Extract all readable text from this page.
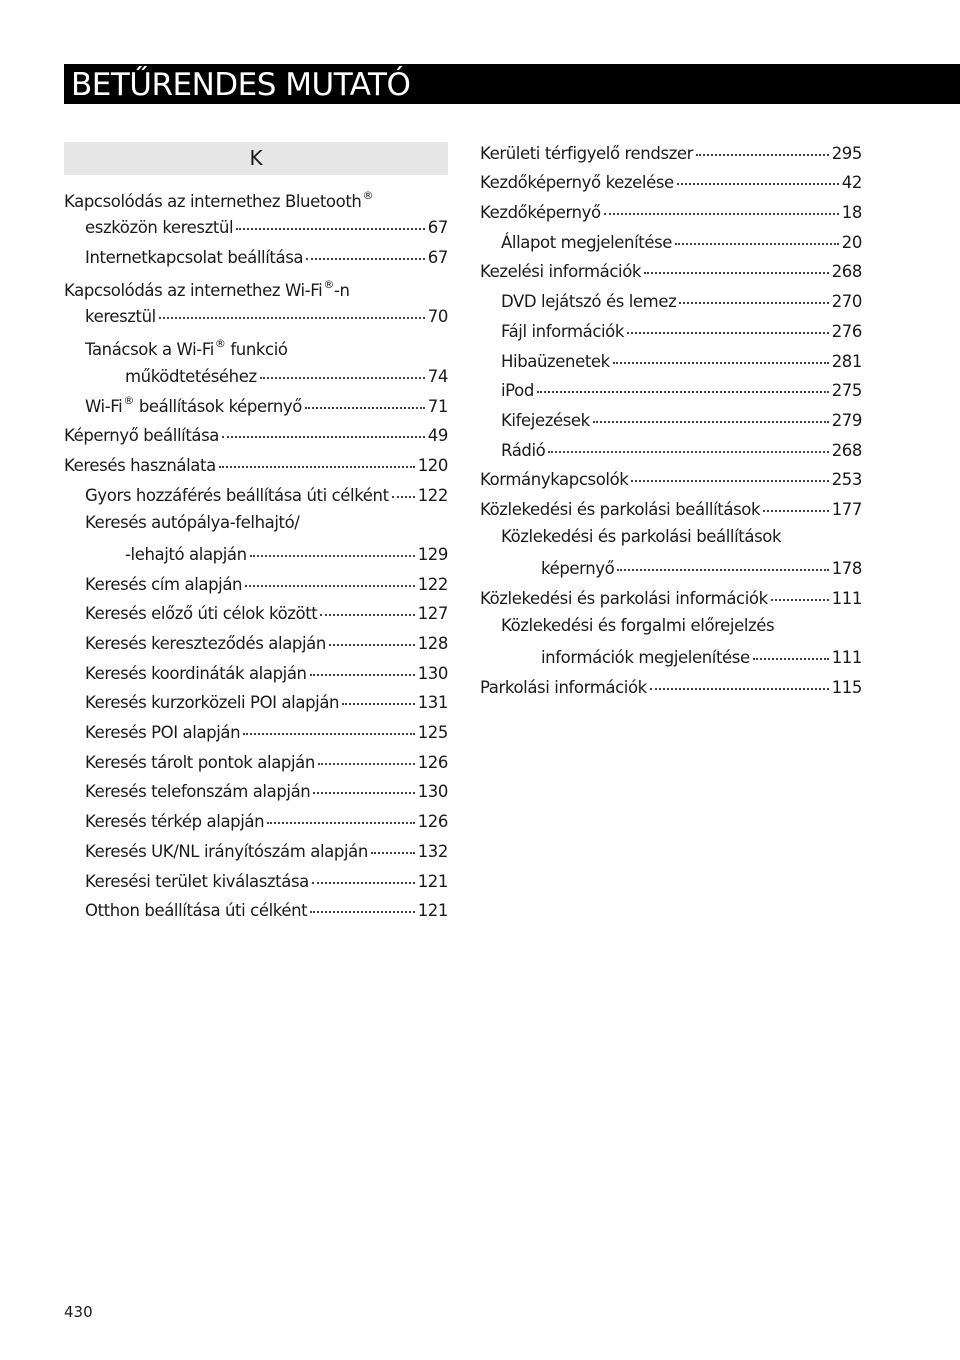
BETŰRENDES MUTATÓ
K
Kapcsolódás az internethez Bluetooth®
eszközön keresztül	67
Internetkapcsolat beállítása	67
Kapcsolódás az internethez Wi-Fi®-n
keresztül	70
Tanácsok a Wi-Fi® funkció
működtetéséhez	74
Wi-Fi® beállítások képernyő	71
Képernyő beállítása	49
Keresés használata	120
Gyors hozzáférés beállítása úti célként 122
Keresés autópálya-felhajtó/
-lehajtó alapján	129
Keresés cím alapján	122
Keresés előző úti célok között	127
Keresés kereszteződés alapján	128
Keresés koordináták alapján	130
Keresés kurzorközeli POI alapján	131
Keresés POI alapján	125
Keresés tárolt pontok alapján	126
Keresés telefonszám alapján	130
Keresés térkép alapján	126
Keresés UK/NL irányítószám alapján	132
Keresési terület kiválasztása	121
Otthon beállítása úti célként	121
Kerületi térfigyelő rendszer	295
Kezdőképernyő kezelése	42
Kezdőképernyő	18
Állapot megjelenítése	20
Kezelési információk	268
DVD lejátszó és lemez	270
Fájl információk	276
Hibaüzenetek	281
iPod	275
Kifejezések	279
Rádió	268
Kormánykapcsolók	253
Közlekedési és parkolási beállítások	177
Közlekedési és parkolási beállítások
képernyő	178
Közlekedési és parkolási információk	111
Közlekedési és forgalmi előrejelzés
információk megjelenítése	111
Parkolási információk	115
430
